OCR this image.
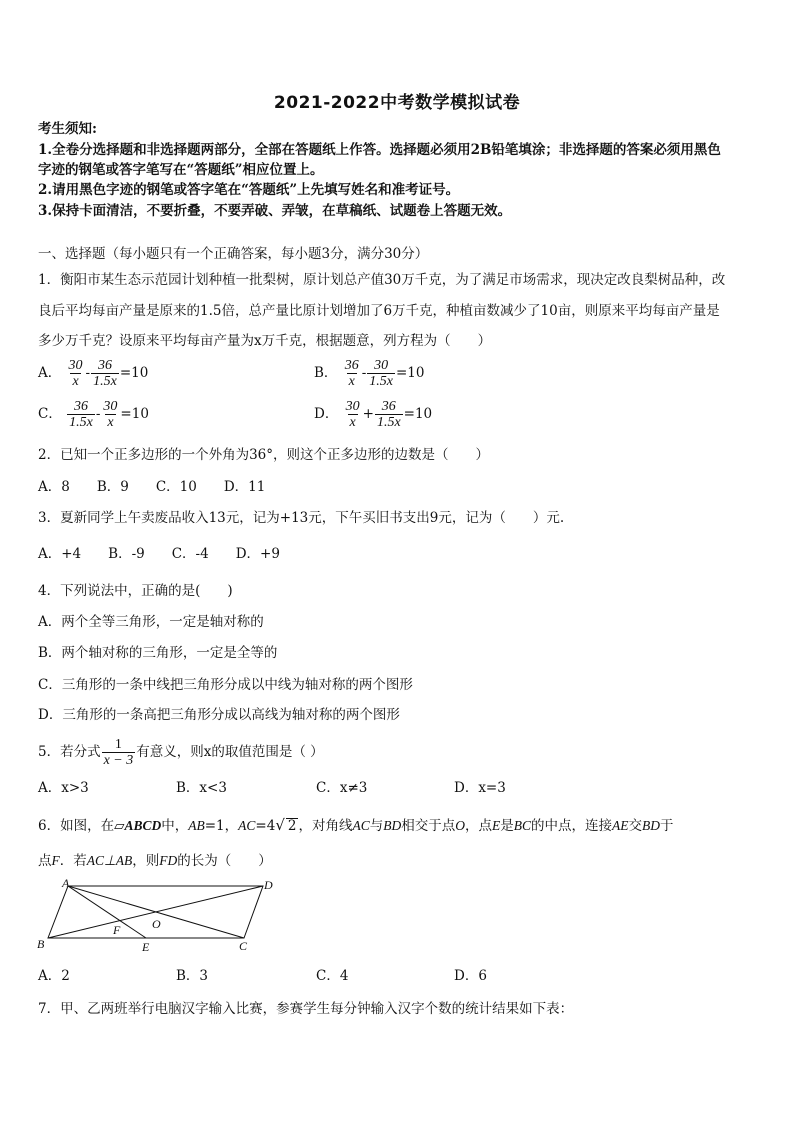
2021-2022中考数学模拟试卷
考生须知:
1.全卷分选择题和非选择题两部分，全部在答题纸上作答。选择题必须用2B铅笔填涂；非选择题的答案必须用黑色
字迹的钢笔或答字笔写在“答题纸”相应位置上。
2.请用黑色字迹的钢笔或答字笔在“答题纸”上先填写姓名和准考证号。
3.保持卡面清洁，不要折叠，不要弄破、弄皱，在草稿纸、试题卷上答题无效。
一、选择题（每小题只有一个正确答案，每小题3分，满分30分）
1．衡阳市某生态示范园计划种植一批梨树，原计划总产值30万千克，为了满足市场需求，现决定改良梨树品种，改
良后平均每亩产量是原来的1.5倍，总产量比原计划增加了6万千克，种植亩数减少了10亩，则原来平均每亩产量是
多少万千克？设原来平均每亩产量为x万千克，根据题意，列方程为（　　）
A． $\frac{30}{x} - \frac{36}{1.5x} =10$	B． $\frac{36}{x} - \frac{30}{1.5x} =10$
C． $\frac{36}{1.5x} - \frac{30}{x} =10$	D． $\frac{30}{x} + \frac{36}{1.5x} =10$
2．已知一个正多边形的一个外角为36°，则这个正多边形的边数是（　　）
A．8　　B．9　　C．10　　D．11
3．夏新同学上午卖废品收入13元，记为+13元，下午买旧书支出9元，记为（　　）元.
A．+4　　B．-9　　C．-4　　D．+9
4．下列说法中，正确的是(　　)
A．两个全等三角形，一定是轴对称的
B．两个轴对称的三角形，一定是全等的
C．三角形的一条中线把三角形分成以中线为轴对称的两个图形
D．三角形的一条高把三角形分成以高线为轴对称的两个图形
5．若分式 $\frac{1}{x - 3}$ 有意义，则x的取值范围是（ ）
A．x>3	B．x<3	C．x≠3	D．x=3
6．如图，在▱ABCD中，AB=1，AC=4√ 2 ，对角线AC与BD相交于点O，点E是BC的中点，连接AE交BD于
点F．若AC⊥AB，则FD的长为（　　）
A	D
B	C
E
F	O
A．2	B．3	C．4	D．6
7．甲、乙两班举行电脑汉字输入比赛，参赛学生每分钟输入汉字个数的统计结果如下表：
